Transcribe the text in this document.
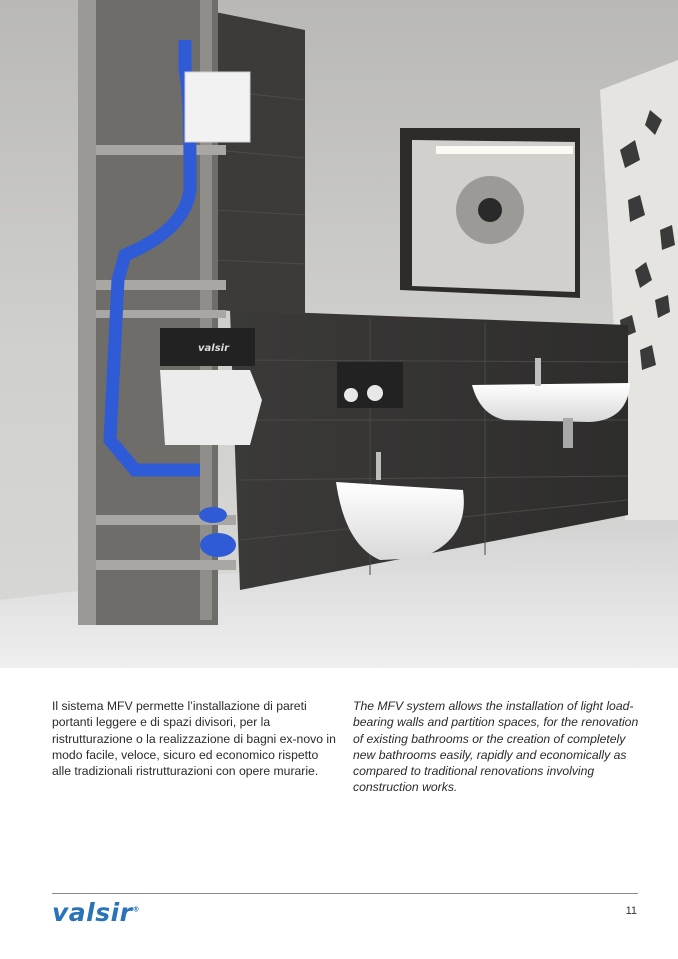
valsir

Il sistema MFV permette l’installazione di pareti portanti leggere e di spazi divisori, per la ristrutturazione o la realizzazione di bagni ex-novo in modo facile, veloce, sicuro ed economico rispetto alle tradizionali ristrutturazioni con opere murarie.

The MFV system allows the installation of light load-bearing walls and partition spaces, for the renovation of existing bathrooms or the creation of completely new bathrooms easily, rapidly and economically as compared to traditional renovations involving construction works.

valsir®	11
